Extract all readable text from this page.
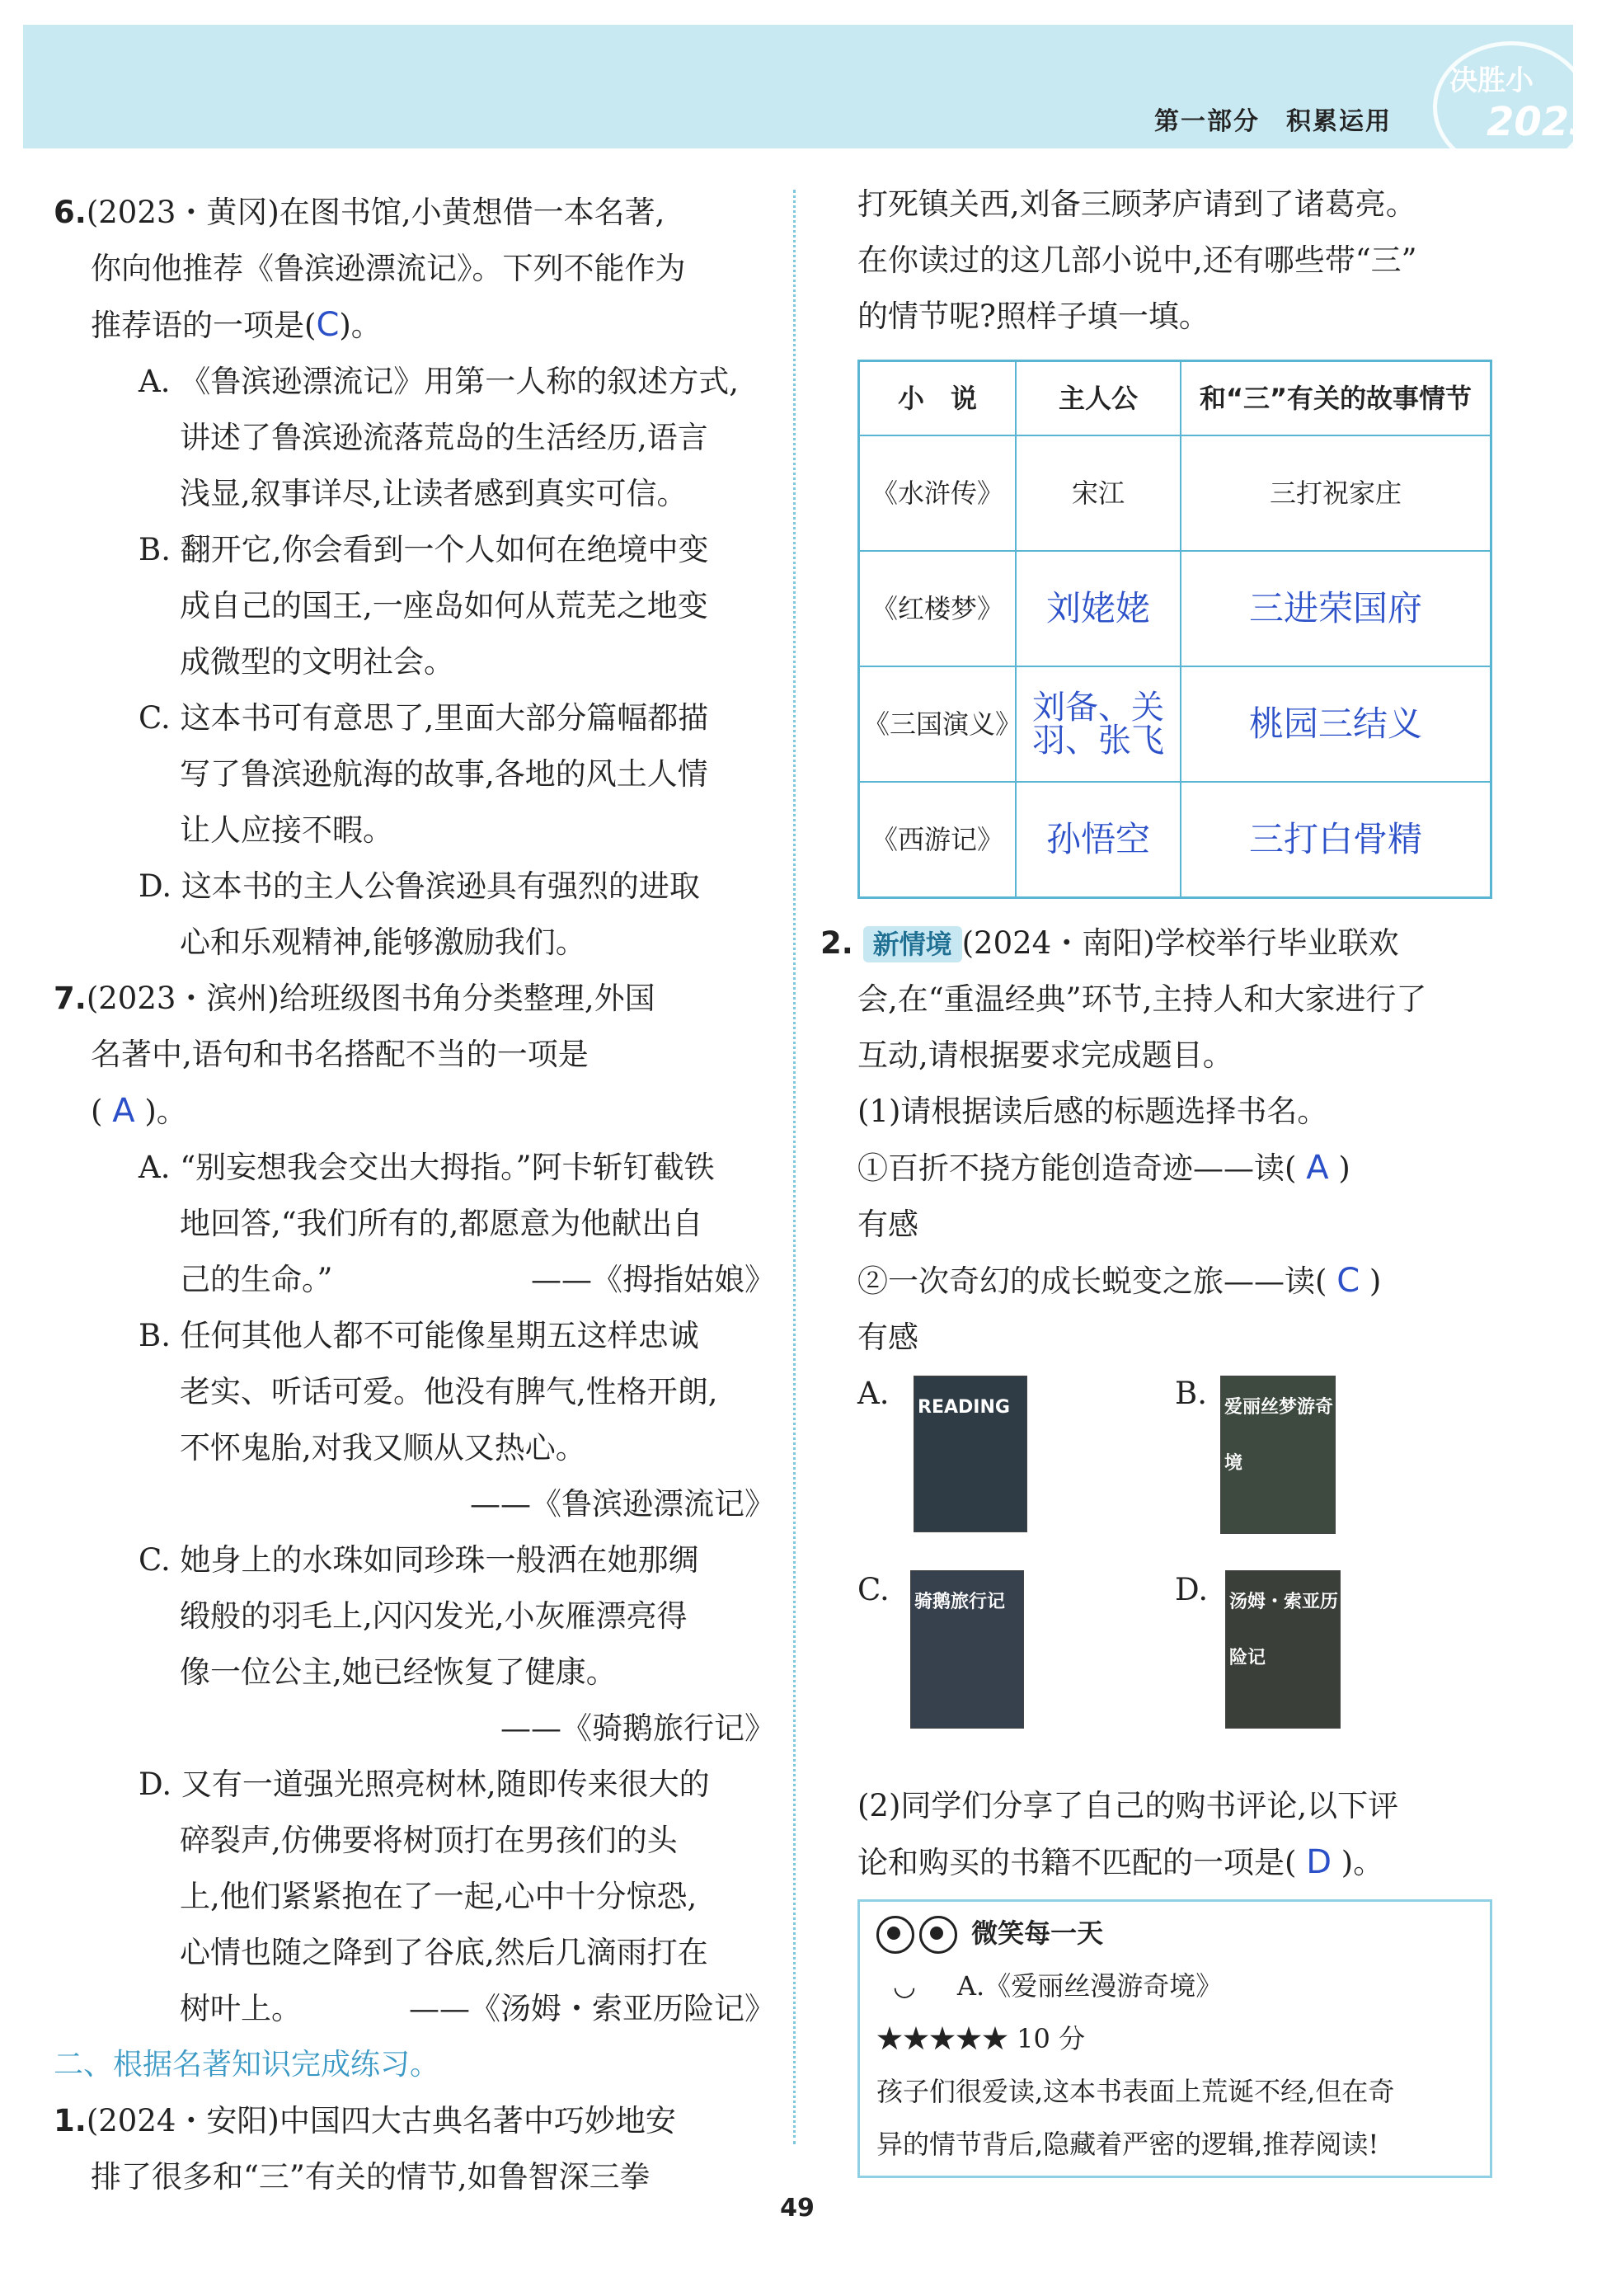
第一部分　积累运用
决胜小
2025

6.(2023・黄冈)在图书馆,小黄想借一本名著,

你向他推荐《鲁滨逊漂流记》。下列不能作为

推荐语的一项是(C)。

A. 《鲁滨逊漂流记》用第一人称的叙述方式,
讲述了鲁滨逊流落荒岛的生活经历,语言
浅显,叙事详尽,让读者感到真实可信。
B. 翻开它,你会看到一个人如何在绝境中变
成自己的国王,一座岛如何从荒芜之地变
成微型的文明社会。
C. 这本书可有意思了,里面大部分篇幅都描
写了鲁滨逊航海的故事,各地的风土人情
让人应接不暇。
D. 这本书的主人公鲁滨逊具有强烈的进取
心和乐观精神,能够激励我们。

7.(2023・滨州)给班级图书角分类整理,外国

名著中,语句和书名搭配不当的一项是

( A )。

A. “别妄想我会交出大拇指。”阿卡斩钉截铁
地回答,“我们所有的,都愿意为他献出自
己的生命。”	——《拇指姑娘》
B. 任何其他人都不可能像星期五这样忠诚
老实、听话可爱。他没有脾气,性格开朗,
不怀鬼胎,对我又顺从又热心。
——《鲁滨逊漂流记》
C. 她身上的水珠如同珍珠一般洒在她那绸
缎般的羽毛上,闪闪发光,小灰雁漂亮得
像一位公主,她已经恢复了健康。
——《骑鹅旅行记》
D. 又有一道强光照亮树林,随即传来很大的
碎裂声,仿佛要将树顶打在男孩们的头
上,他们紧紧抱在了一起,心中十分惊恐,
心情也随之降到了谷底,然后几滴雨打在
树叶上。	——《汤姆・索亚历险记》
二、根据名著知识完成练习。

1.(2024・安阳)中国四大古典名著中巧妙地安

排了很多和“三”有关的情节,如鲁智深三拳

打死镇关西,刘备三顾茅庐请到了诸葛亮。

在你读过的这几部小说中,还有哪些带“三”

的情节呢?照样子填一填。

小　说	主人公	和“三”有关的故事情节
《水浒传》	宋江	三打祝家庄
《红楼梦》	刘姥姥	三进荣国府
《三国演义》	刘备、关羽、张飞	桃园三结义
《西游记》	孙悟空	三打白骨精

2. 新情境 (2024・南阳)学校举行毕业联欢

会,在“重温经典”环节,主持人和大家进行了

互动,请根据要求完成题目。

(1)请根据读后感的标题选择书名。

①百折不挠方能创造奇迹——读( A )

有感

②一次奇幻的成长蜕变之旅——读( C )

有感

A. READING	B. 爱丽丝梦游奇境
C. 骑鹅旅行记	D. 汤姆・索亚历险记

(2)同学们分享了自己的购书评论,以下评

论和购买的书籍不匹配的一项是( D )。

微笑每一天
◡ A.《爱丽丝漫游奇境》
★★★★★ 10 分
孩子们很爱读,这本书表面上荒诞不经,但在奇
异的情节背后,隐藏着严密的逻辑,推荐阅读!
49
